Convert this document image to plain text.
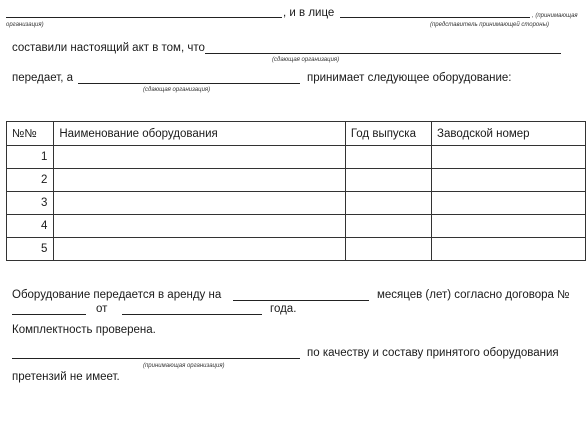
, и в лице	, (принимающая
организация)	(представитель принимающей стороны)
составили настоящий акт в том, что
(сдающая организация)
передает, а	принимает следующее оборудование:
(сдающая организация)
№№	Наименование оборудования	Год выпуска	Заводской номер
1			
2			
3			
4			
5			
Оборудование передается в аренду на	месяцев (лет) согласно договора №
от	года.
Комплектность проверена.
по качеству и составу принятого оборудования
(принимающая организация)
претензий не имеет.
